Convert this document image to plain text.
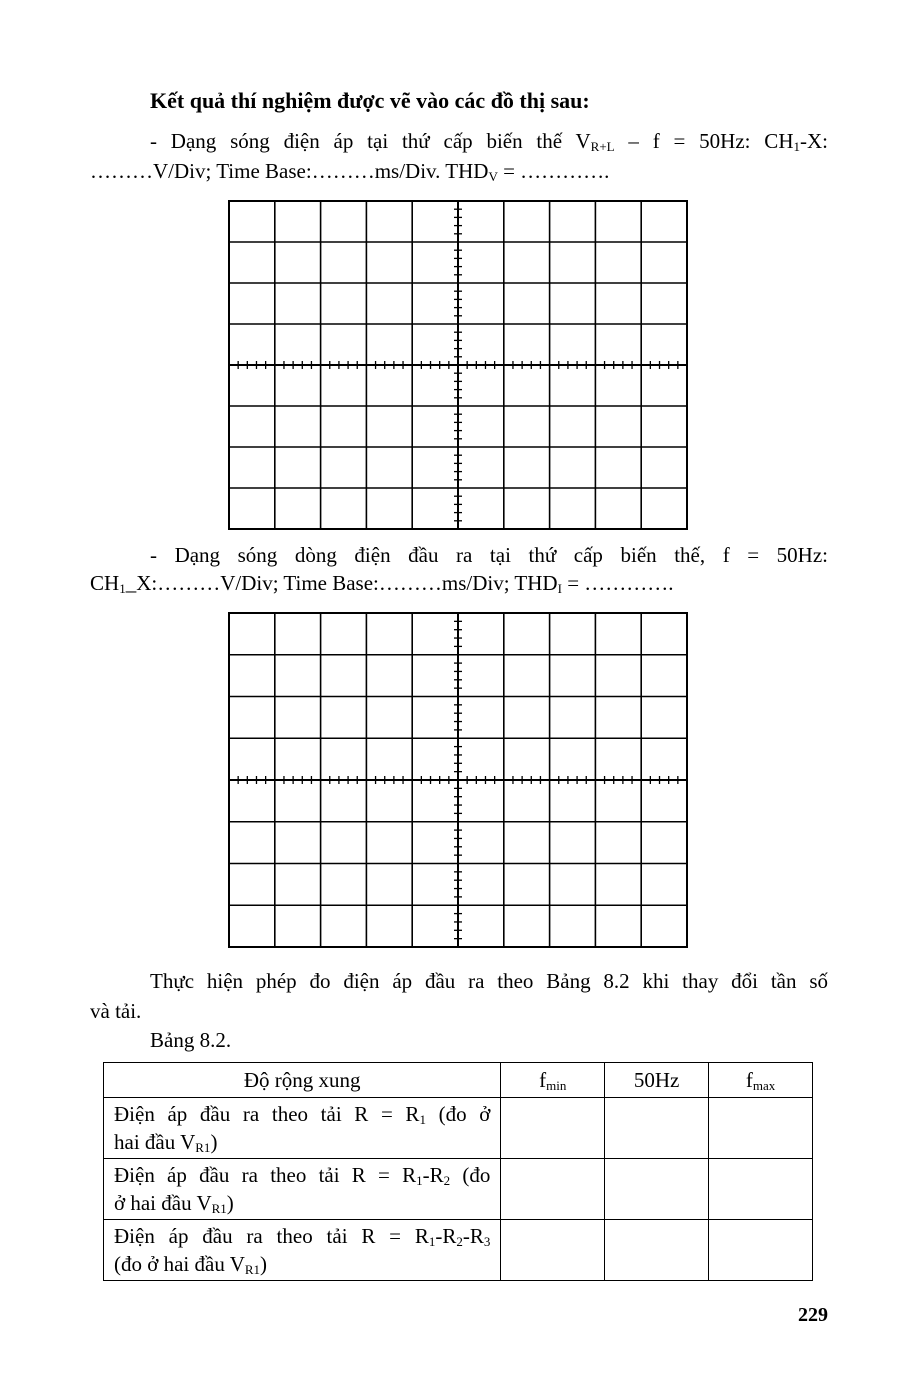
Kết quả thí nghiệm được vẽ vào các đồ thị sau:
- Dạng sóng điện áp tại thứ cấp biến thế $V_{R+L} - f = 50Hz$: $CH_1-X$:
………V/Div; Time Base:………ms/Div. $THD_V$ = ………….
- Dạng sóng dòng điện đầu ra tại thứ cấp biến thế, f = 50Hz:
$CH_1\_X:\dots\dots\dots V$/Div; Time Base:………ms/Div; $THD_I$ = ………….
Thực hiện phép đo điện áp đầu ra theo Bảng 8.2 khi thay đổi tần số
và tải.
Bảng 8.2.
Độ rộng xung	$f_{min}$	50Hz	$f_{max}$

Điện áp đầu ra theo tải $R = R_1$ (đo ở
hai đầu $V_{R1}$)			

Điện áp đầu ra theo tải $R = R_1-R_2$ (đo
ở hai đầu $V_{R1}$)			

Điện áp đầu ra theo tải $R = R_1-R_2-R_3$
(đo ở hai đầu $V_{R1}$)			

229
